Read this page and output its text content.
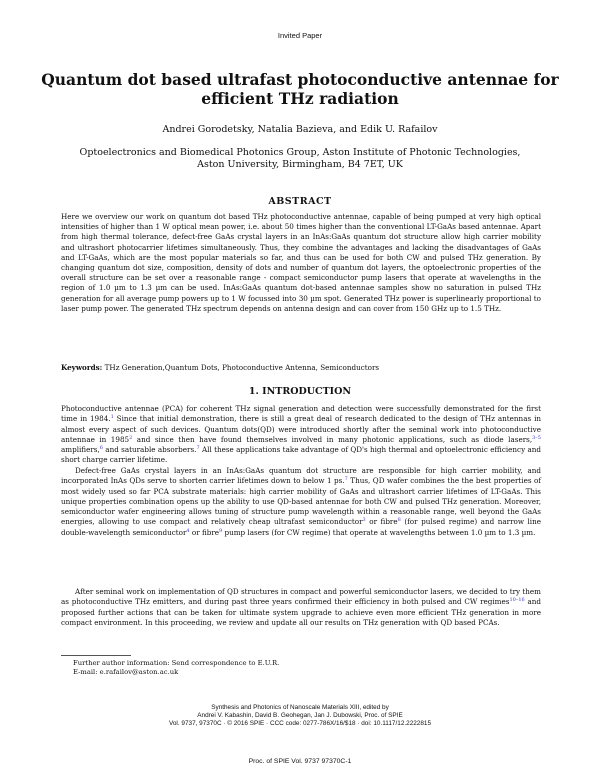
Invited Paper
Quantum dot based ultrafast photoconductive antennae for efficient THz radiation
Andrei Gorodetsky, Natalia Bazieva, and Edik U. Rafailov
Optoelectronics and Biomedical Photonics Group, Aston Institute of Photonic Technologies,
Aston University, Birmingham, B4 7ET, UK
ABSTRACT

Here we overview our work on quantum dot based THz photoconductive antennae, capable of being pumped at very high optical intensities of higher than 1 W optical mean power, i.e. about 50 times higher than the conventional LT-GaAs based antennae. Apart from high thermal tolerance, defect-free GaAs crystal layers in an InAs:GaAs quantum dot structure allow high carrier mobility and ultrashort photocarrier lifetimes simultaneously. Thus, they combine the advantages and lacking the disadvantages of GaAs and LT-GaAs, which are the most popular materials so far, and thus can be used for both CW and pulsed THz generation. By changing quantum dot size, composition, density of dots and number of quantum dot layers, the optoelectronic properties of the overall structure can be set over a reasonable range - compact semiconductor pump lasers that operate at wavelengths in the region of 1.0 µm to 1.3 µm can be used. InAs:GaAs quantum dot-based antennae samples show no saturation in pulsed THz generation for all average pump powers up to 1 W focussed into 30 µm spot. Generated THz power is superlinearly proportional to laser pump power. The generated THz spectrum depends on antenna design and can cover from 150 GHz up to 1.5 THz.

Keywords: THz Generation,Quantum Dots, Photoconductive Antenna, Semiconductors
1. INTRODUCTION

Photoconductive antennae (PCA) for coherent THz signal generation and detection were successfully demonstrated for the first time in 1984.$^1$ Since that initial demonstration, there is still a great deal of research dedicated to the design of THz antennas in almost every aspect of such devices. Quantum dots(QD) were introduced shortly after the seminal work into photoconductive antennae in 1985$^2$ and since then have found themselves involved in many photonic applications, such as diode lasers,$^{3-5}$ amplifiers,$^6$ and saturable absorbers.$^7$ All these applications take advantage of QD's high thermal and optoelectronic efficiency and short charge carrier lifetime.

Defect-free GaAs crystal layers in an InAs:GaAs quantum dot structure are responsible for high carrier mobility, and incorporated InAs QDs serve to shorten carrier lifetimes down to below 1 ps.$^7$ Thus, QD wafer combines the the best properties of most widely used so far PCA substrate materials: high carrier mobility of GaAs and ultrashort carrier lifetimes of LT-GaAs. This unique properties combination opens up the ability to use QD-based antennae for both CW and pulsed THz generation. Moreover, semiconductor wafer engineering allows tuning of structure pump wavelength within a reasonable range, well beyond the GaAs energies, allowing to use compact and relatively cheap ultrafast semiconductor$^3$ or fibre$^8$ (for pulsed regime) and narrow line double-wavelength semiconductor$^4$ or fibre$^9$ pump lasers (for CW regime) that operate at wavelengths between 1.0 µm to 1.3 µm.

After seminal work on implementation of QD structures in compact and powerful semiconductor lasers, we decided to try them as photoconductive THz emitters, and during past three years confirmed their efficiency in both pulsed and CW regimes$^{10-16}$ and proposed further actions that can be taken for ultimate system upgrade to achieve even more efficient THz generation in more compact environment. In this proceeding, we review and update all our results on THz generation with QD based PCAs.

Further author information: Send correspondence to E.U.R.
E-mail: e.rafailov@aston.ac.uk
Synthesis and Photonics of Nanoscale Materials XIII, edited by
Andrei V. Kabashin, David B. Geohegan, Jan J. Dubowski, Proc. of SPIE
Vol. 9737, 97370C · © 2016 SPIE · CCC code: 0277-786X/16/$18 · doi: 10.1117/12.2222815
Proc. of SPIE Vol. 9737 97370C-1
